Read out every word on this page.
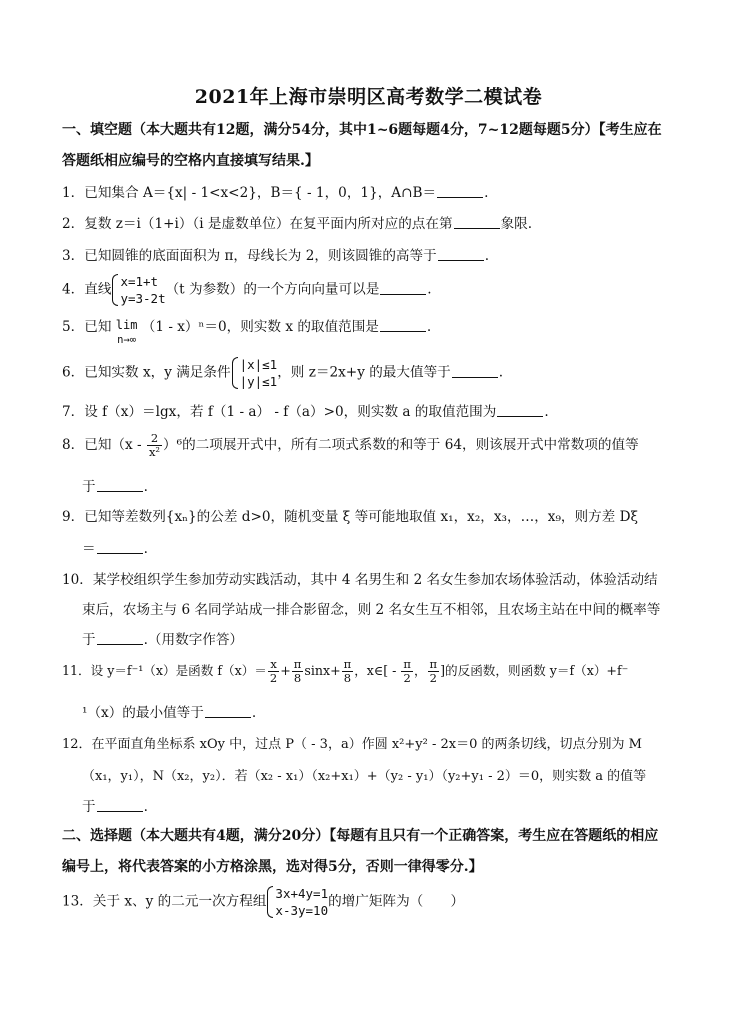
2021年上海市崇明区高考数学二模试卷
一、填空题（本大题共有12题，满分54分，其中1~6题每题4分，7~12题每题5分）【考生应在
答题纸相应编号的空格内直接填写结果.】
1．已知集合 A＝{x| - 1<x<2}，B＝{ - 1，0，1}，A∩B＝	.
2．复数 z＝i（1+i）（i 是虚数单位）在复平面内所对应的点在第	象限.
3．已知圆锥的底面面积为 π，母线长为 2，则该圆锥的高等于	.
4．直线 x=1+t
y=3-2t
（t 为参数）的一个方向向量可以是	.
5．已知 lim
n→∞
（1 - x）ⁿ＝0，则实数 x 的取值范围是	.
6．已知实数 x，y 满足条件 |x|≤1
|y|≤1
，则 z＝2x+y 的最大值等于	.
7．设 f（x）＝lgx，若 f（1 - a） - f（a）>0，则实数 a 的取值范围为	.
8．已知$(x - \frac{2}{\text{x²}} )^6$的二项展开式中，所有二项式系数的和等于 64，则该展开式中常数项的值等
于	.
9．已知等差数列{xₙ}的公差 d>0，随机变量 ξ 等可能地取值 x₁，x₂，x₃，…，x₉，则方差 Dξ
＝	.
10．某学校组织学生参加劳动实践活动，其中 4 名男生和 2 名女生参加农场体验活动，体验活动结
束后，农场主与 6 名同学站成一排合影留念，则 2 名女生互不相邻，且农场主站在中间的概率等
于	.（用数字作答）
11．设 y＝f⁻¹（x）是函数 $f(x)= \frac{x}{2} + \frac{\pi}{8} \sin x+ \frac{\pi}{8}$ ，x∈[ - $\frac{\pi}{2}$ ， $\frac{\pi}{2}$ ]的反函数，则函数 y＝f（x）+f⁻
¹（x）的最小值等于	.
12．在平面直角坐标系 xOy 中，过点 P（ - 3，a）作圆 x²+y² - 2x＝0 的两条切线，切点分别为 M
（x₁，y₁），N（x₂，y₂）．若（x₂ - x₁）（x₂+x₁）+（y₂ - y₁）（y₂+y₁ - 2）＝0，则实数 a 的值等
于	.
二、选择题（本大题共有4题，满分20分）【每题有且只有一个正确答案，考生应在答题纸的相应
编号上，将代表答案的小方格涂黑，选对得5分，否则一律得零分.】
13．关于 x、y 的二元一次方程组 3x+4y=1
x-3y=10
的增广矩阵为（　　）
